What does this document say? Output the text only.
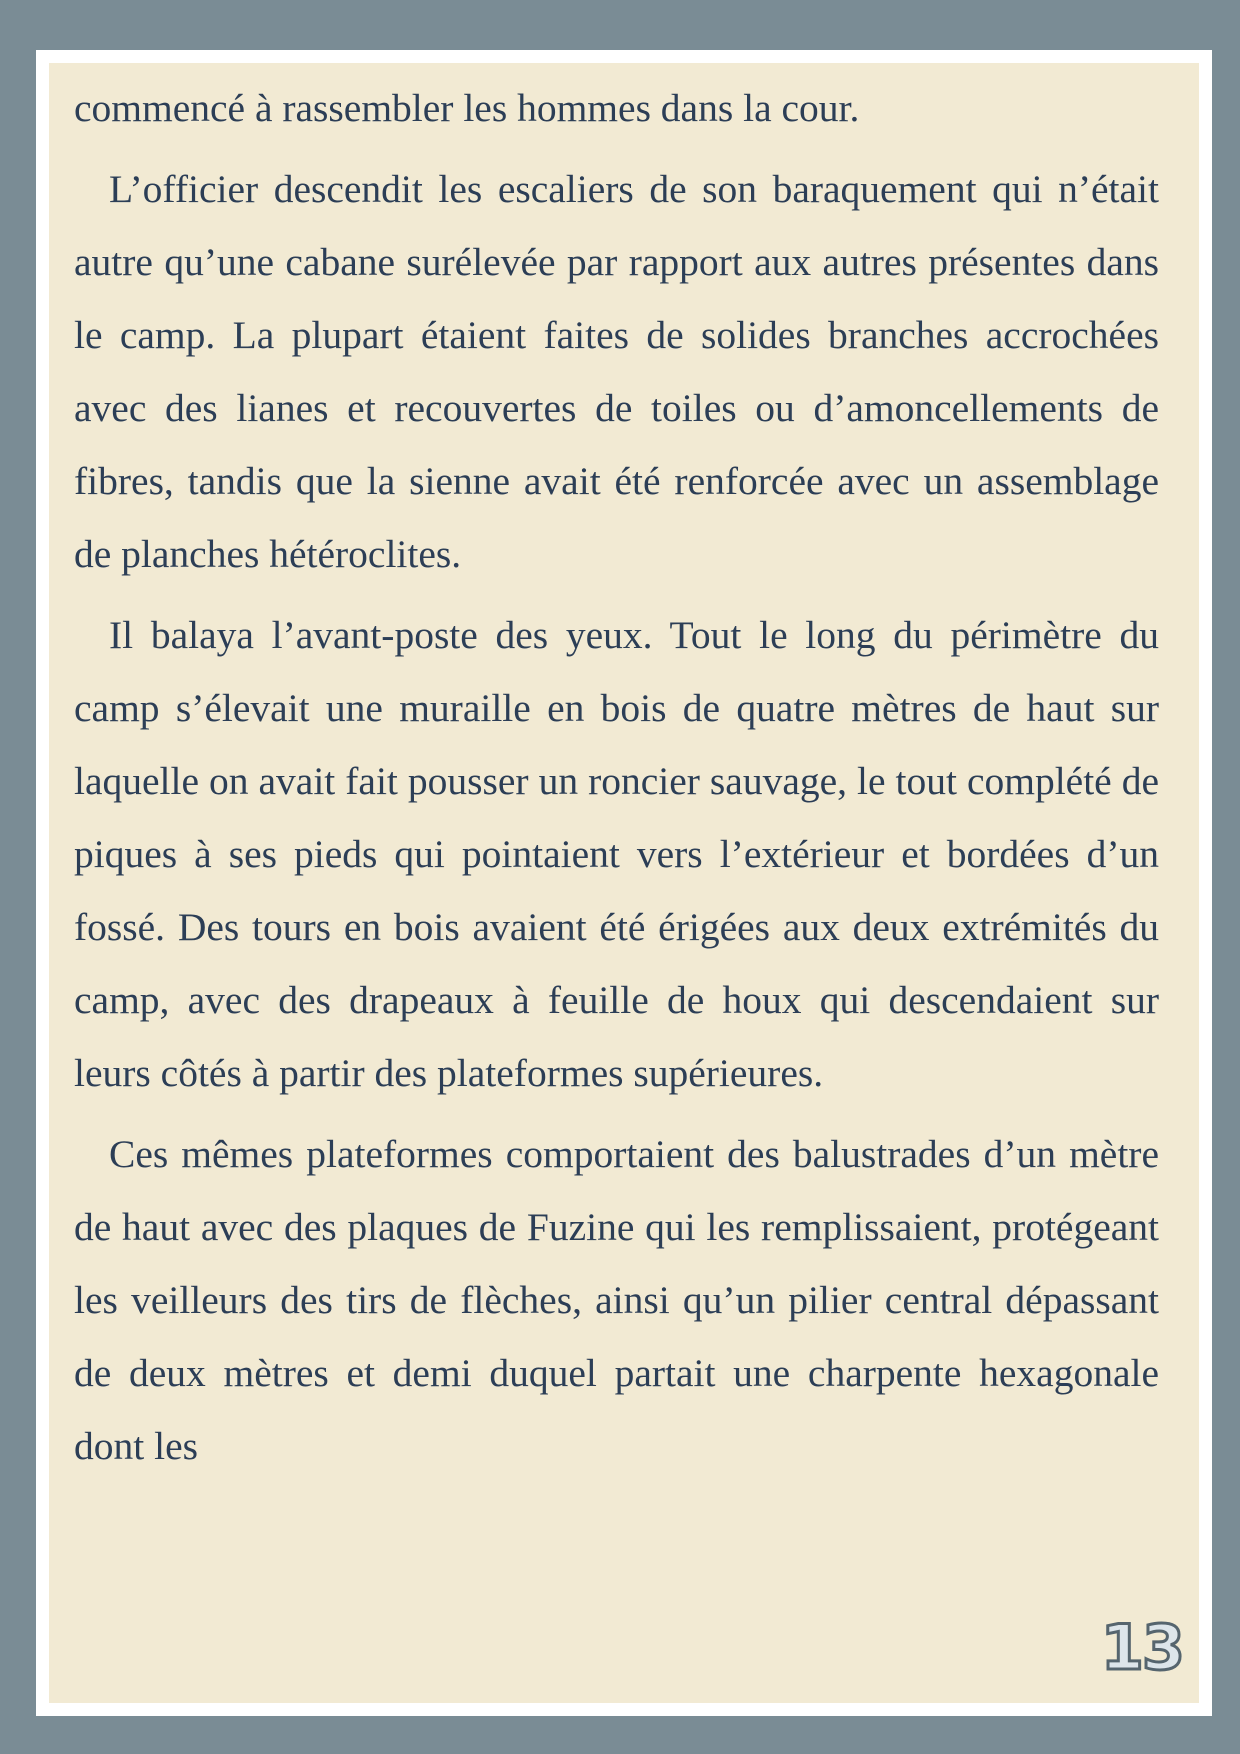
commencé à rassembler les hommes dans la cour.

L’officier descendit les escaliers de son baraquement qui n’était autre qu’une cabane surélevée par rapport aux autres présentes dans le camp. La plupart étaient faites de solides branches accrochées avec des lianes et recouvertes de toiles ou d’amoncellements de fibres, tandis que la sienne avait été renforcée avec un assemblage de planches hétéroclites.

Il balaya l’avant-poste des yeux. Tout le long du périmètre du camp s’élevait une muraille en bois de quatre mètres de haut sur laquelle on avait fait pousser un roncier sauvage, le tout complété de piques à ses pieds qui pointaient vers l’extérieur et bordées d’un fossé. Des tours en bois avaient été érigées aux deux extrémités du camp, avec des drapeaux à feuille de houx qui descendaient sur leurs côtés à partir des plateformes supérieures.

Ces mêmes plateformes comportaient des balustrades d’un mètre de haut avec des plaques de Fuzine qui les remplissaient, protégeant les veilleurs des tirs de flèches, ainsi qu’un pilier central dépassant de deux mètres et demi duquel partait une charpente hexagonale dont les

13
